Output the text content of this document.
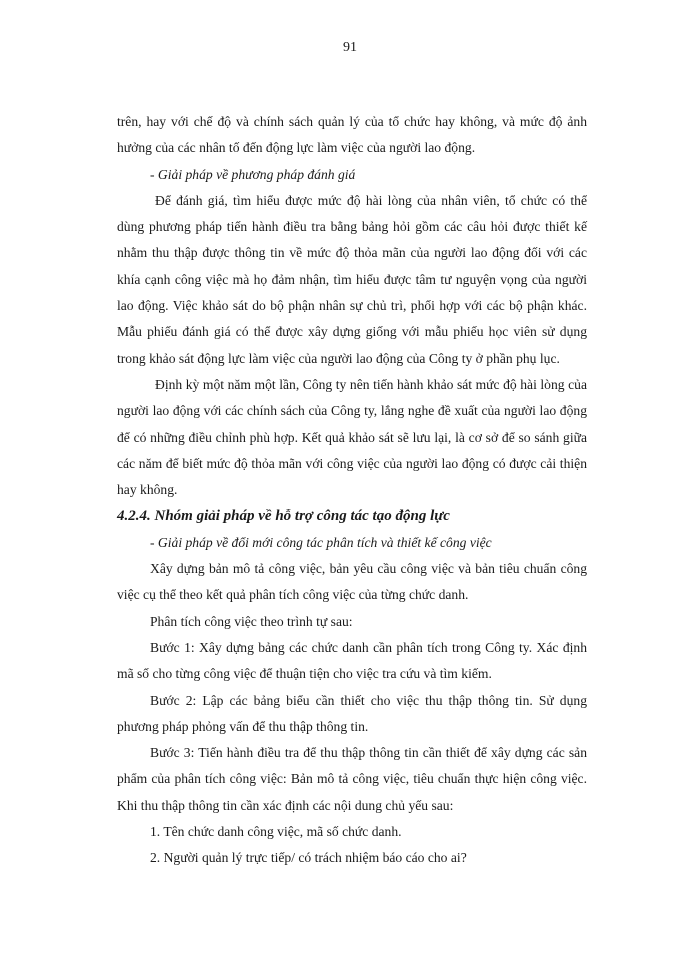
91

trên, hay với chế độ và chính sách quản lý của tổ chức hay không, và mức độ ảnh hưởng của các nhân tố đến động lực làm việc của người lao động.

- Giải pháp về phương pháp đánh giá

Để đánh giá, tìm hiểu được mức độ hài lòng của nhân viên, tổ chức có thể dùng phương pháp tiến hành điều tra bằng bảng hỏi gồm các câu hỏi được thiết kế nhằm thu thập được thông tin về mức độ thỏa mãn của người lao động đối với các khía cạnh công việc mà họ đảm nhận, tìm hiểu được tâm tư nguyện vọng của người lao động. Việc khảo sát do bộ phận nhân sự chủ trì, phối hợp với các bộ phận khác. Mẫu phiếu đánh giá có thể được xây dựng giống với mẫu phiếu học viên sử dụng trong khảo sát động lực làm việc của người lao động của Công ty ở phần phụ lục.

Định kỳ một năm một lần, Công ty nên tiến hành khảo sát mức độ hài lòng của người lao động với các chính sách của Công ty, lắng nghe đề xuất của người lao động để có những điều chỉnh phù hợp. Kết quả khảo sát sẽ lưu lại, là cơ sở để so sánh giữa các năm để biết mức độ thỏa mãn với công việc của người lao động có được cải thiện hay không.

4.2.4. Nhóm giải pháp về hỗ trợ công tác tạo động lực

- Giải pháp về đổi mới công tác phân tích và thiết kế công việc

Xây dựng bản mô tả công việc, bản yêu cầu công việc và bản tiêu chuẩn công việc cụ thể theo kết quả phân tích công việc của từng chức danh.

Phân tích công việc theo trình tự sau:

Bước 1: Xây dựng bảng các chức danh cần phân tích trong Công ty. Xác định mã số cho từng công việc để thuận tiện cho việc tra cứu và tìm kiếm.

Bước 2: Lập các bảng biểu cần thiết cho việc thu thập thông tin. Sử dụng phương pháp phỏng vấn để thu thập thông tin.

Bước 3: Tiến hành điều tra để thu thập thông tin cần thiết để xây dựng các sản phẩm của phân tích công việc: Bản mô tả công việc, tiêu chuẩn thực hiện công việc. Khi thu thập thông tin cần xác định các nội dung chủ yếu sau:

1. Tên chức danh công việc, mã số chức danh.

2. Người quản lý trực tiếp/ có trách nhiệm báo cáo cho ai?
